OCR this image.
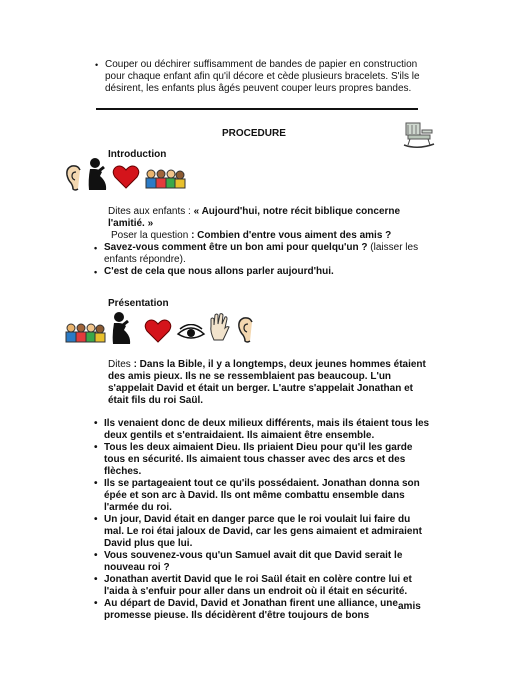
• Couper ou déchirer suffisamment de bandes de papier en construction
pour chaque enfant afin qu'il décore et cède plusieurs bracelets. S'ils le
désirent, les enfants plus âgés peuvent couper leurs propres bandes.
PROCEDURE
Introduction
Dites aux enfants : « Aujourd'hui, notre récit biblique concerne
l'amitié. »
Poser la question : Combien d'entre vous aiment des amis ?
• Savez-vous comment être un bon ami pour quelqu'un ? (laisser les
enfants répondre).
• C'est de cela que nous allons parler aujourd'hui.
Présentation
Dites : Dans la Bible, il y a longtemps, deux jeunes hommes étaient
des amis pieux. Ils ne se ressemblaient pas beaucoup. L'un
s'appelait David et était un berger. L'autre s'appelait Jonathan et
était fils du roi Saül.
• Ils venaient donc de deux milieux différents, mais ils étaient tous les
deux gentils et s'entraidaient. Ils aimaient être ensemble.
• Tous les deux aimaient Dieu. Ils priaient Dieu pour qu'il les garde
tous en sécurité. Ils aimaient tous chasser avec des arcs et des
flèches.
• Ils se partageaient tout ce qu'ils possédaient. Jonathan donna son
épée et son arc à David. Ils ont même combattu ensemble dans
l'armée du roi.
• Un jour, David était en danger parce que le roi voulait lui faire du
mal. Le roi étai jaloux de David, car les gens aimaient et admiraient
David plus que lui.
• Vous souvenez-vous qu'un Samuel avait dit que David serait le
nouveau roi ?
• Jonathan avertit David que le roi Saül était en colère contre lui et
l'aida à s'enfuir pour aller dans un endroit où il était en sécurité.
• Au départ de David, David et Jonathan firent une alliance, une
promesse pieuse. Ils décidèrent d'être toujours de bons
amis
